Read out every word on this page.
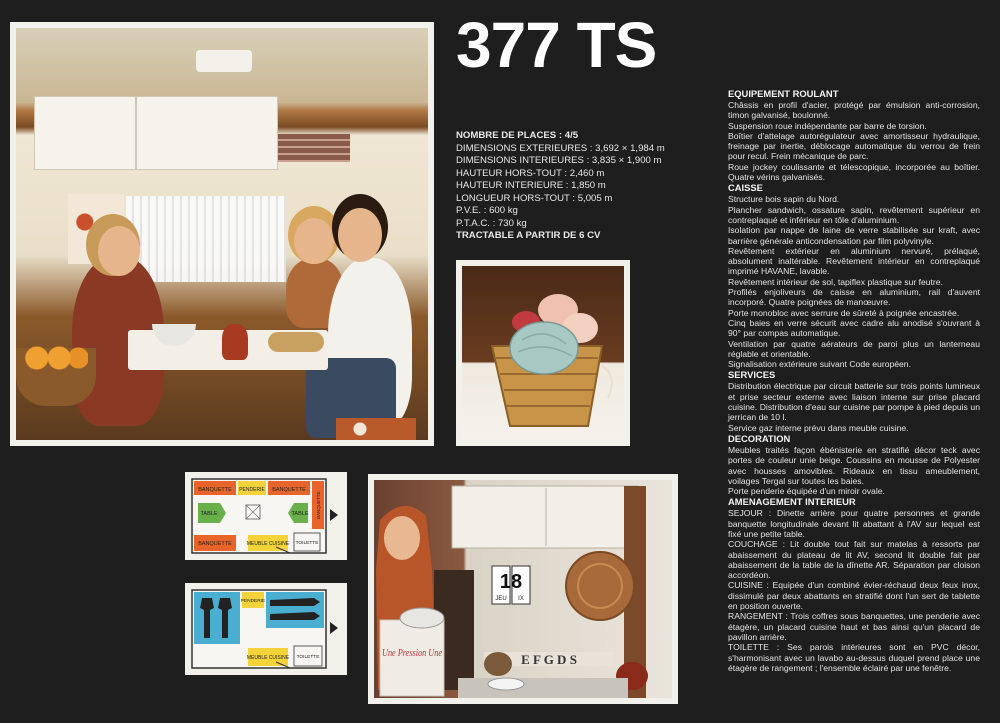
377 TS
NOMBRE DE PLACES : 4/5
DIMENSIONS EXTERIEURES : 3,692 × 1,984 m
DIMENSIONS INTERIEURES : 3,835 × 1,900 m
HAUTEUR HORS-TOUT : 2,460 m
HAUTEUR INTERIEURE : 1,850 m
LONGUEUR HORS-TOUT : 5,005 m
P.V.E. : 600 kg
P.T.A.C. : 730 kg
TRACTABLE A PARTIR DE 6 CV
BANQUETTE PENDERIE BANQUETTE
BANQUETTE
TABLE	TABLE
BANQUETTE	MEUBLE CUISINE TOILETTE
PENDERIE
MEUBLE CUISINE TOILETTE
18
JEU IX
Une Pression Une	E F G D S
EQUIPEMENT ROULANT

Châssis en profil d'acier, protégé par émulsion anti-corrosion, timon galvanisé, boulonné.

Suspension roue indépendante par barre de torsion.

Boîtier d'attelage autorégulateur avec amortisseur hydraulique, freinage par inertie, déblocage automatique du verrou de frein pour recul. Frein mécanique de parc.

Roue jockey coulissante et télescopique, incorporée au boîtier. Quatre vérins galvanisés.

CAISSE

Structure bois sapin du Nord.

Plancher sandwich, ossature sapin, revêtement supérieur en contreplaqué et inférieur en tôle d'aluminium.

Isolation par nappe de laine de verre stabilisée sur kraft, avec barrière générale anticondensation par film polyvinyle.

Revêtement extérieur en aluminium nervuré, prélaqué, absolument inaltérable. Revêtement intérieur en contreplaqué imprimé HAVANE, lavable.

Revêtement intérieur de sol, tapiflex plastique sur feutre.

Profilés enjoliveurs de caisse en aluminium, rail d'auvent incorporé. Quatre poignées de manœuvre.

Porte monobloc avec serrure de sûreté à poignée encastrée.

Cinq baies en verre sécurit avec cadre alu anodisé s'ouvrant à 90° par compas automatique.

Ventilation par quatre aérateurs de paroi plus un lanterneau réglable et orientable.

Signalisation extérieure suivant Code européen.

SERVICES

Distribution électrique par circuit batterie sur trois points lumineux et prise secteur externe avec liaison interne sur prise placard cuisine. Distribution d'eau sur cuisine par pompe à pied depuis un jerrican de 10 l.

Service gaz interne prévu dans meuble cuisine.

DECORATION

Meubles traités façon ébénisterie en stratifié décor teck avec portes de couleur unie beige. Coussins en mousse de Polyester avec housses amovibles. Rideaux en tissu ameublement, voilages Tergal sur toutes les baies.

Porte penderie équipée d'un miroir ovale.

AMENAGEMENT INTERIEUR

SEJOUR : Dinette arrière pour quatre personnes et grande banquette longitudinale devant lit abattant à l'AV sur lequel est fixé une petite table.

COUCHAGE : Lit double tout fait sur matelas à ressorts par abaissement du plateau de lit AV, second lit double fait par abaissement de la table de la dînette AR. Séparation par cloison accordéon.

CUISINE : Equipée d'un combiné évier-réchaud deux feux inox, dissimulé par deux abattants en stratifié dont l'un sert de tablette en position ouverte.

RANGEMENT : Trois coffres sous banquettes, une penderie avec étagère, un placard cuisine haut et bas ainsi qu'un placard de pavillon arrière.

TOILETTE : Ses parois intérieures sont en PVC décor, s'harmonisant avec un lavabo au-dessus duquel prend place une étagère de rangement ; l'ensemble éclairé par une fenêtre.
